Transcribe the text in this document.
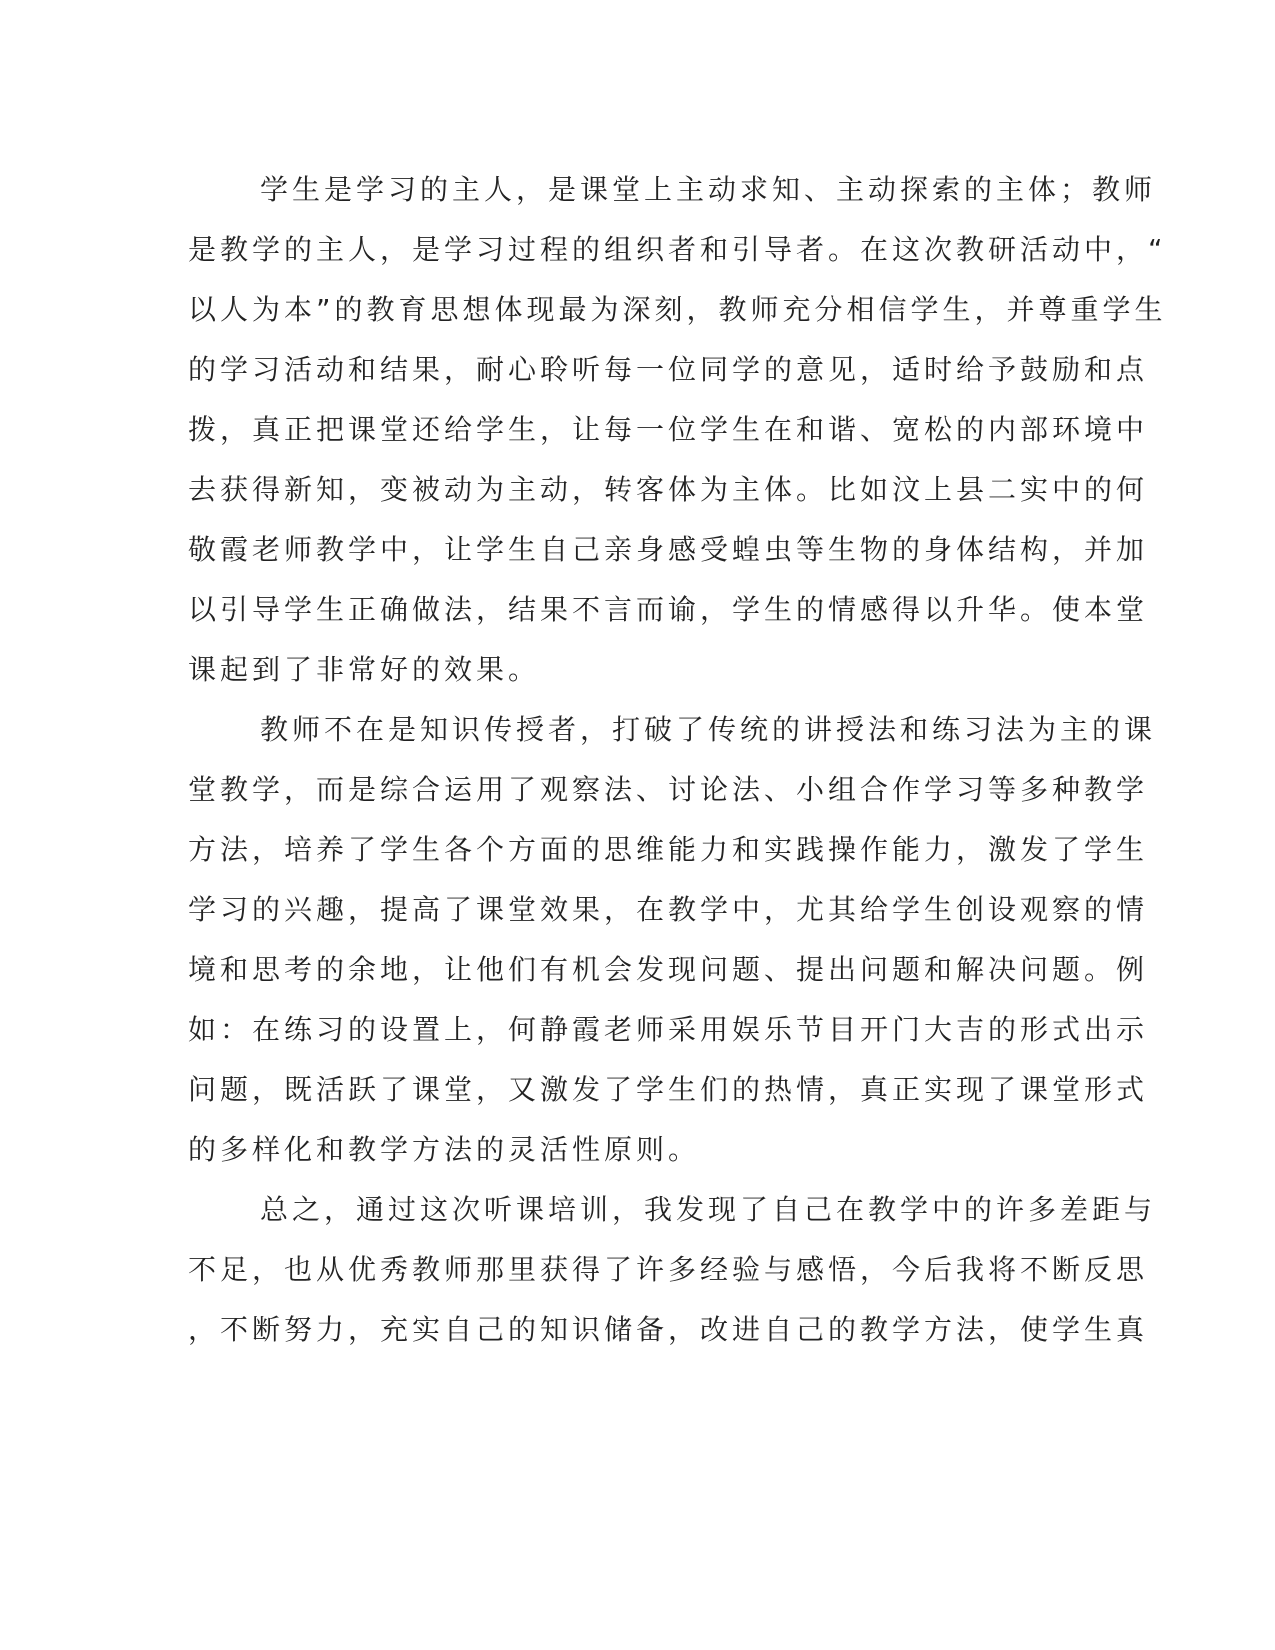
学生是学习的主人，是课堂上主动求知、主动探索的主体；教师
是教学的主人，是学习过程的组织者和引导者。在这次教研活动中，“
以人为本”的教育思想体现最为深刻，教师充分相信学生，并尊重学生
的学习活动和结果，耐心聆听每一位同学的意见，适时给予鼓励和点
拨，真正把课堂还给学生，让每一位学生在和谐、宽松的内部环境中
去获得新知，变被动为主动，转客体为主体。比如汶上县二实中的何
敬霞老师教学中，让学生自己亲身感受蝗虫等生物的身体结构，并加
以引导学生正确做法，结果不言而谕，学生的情感得以升华。使本堂
课起到了非常好的效果。
教师不在是知识传授者，打破了传统的讲授法和练习法为主的课
堂教学，而是综合运用了观察法、讨论法、小组合作学习等多种教学
方法，培养了学生各个方面的思维能力和实践操作能力，激发了学生
学习的兴趣，提高了课堂效果，在教学中，尤其给学生创设观察的情
境和思考的余地，让他们有机会发现问题、提出问题和解决问题。例
如：在练习的设置上，何静霞老师采用娱乐节目开门大吉的形式出示
问题，既活跃了课堂，又激发了学生们的热情，真正实现了课堂形式
的多样化和教学方法的灵活性原则。
总之，通过这次听课培训，我发现了自己在教学中的许多差距与
不足，也从优秀教师那里获得了许多经验与感悟，今后我将不断反思
，不断努力，充实自己的知识储备，改进自己的教学方法，使学生真
